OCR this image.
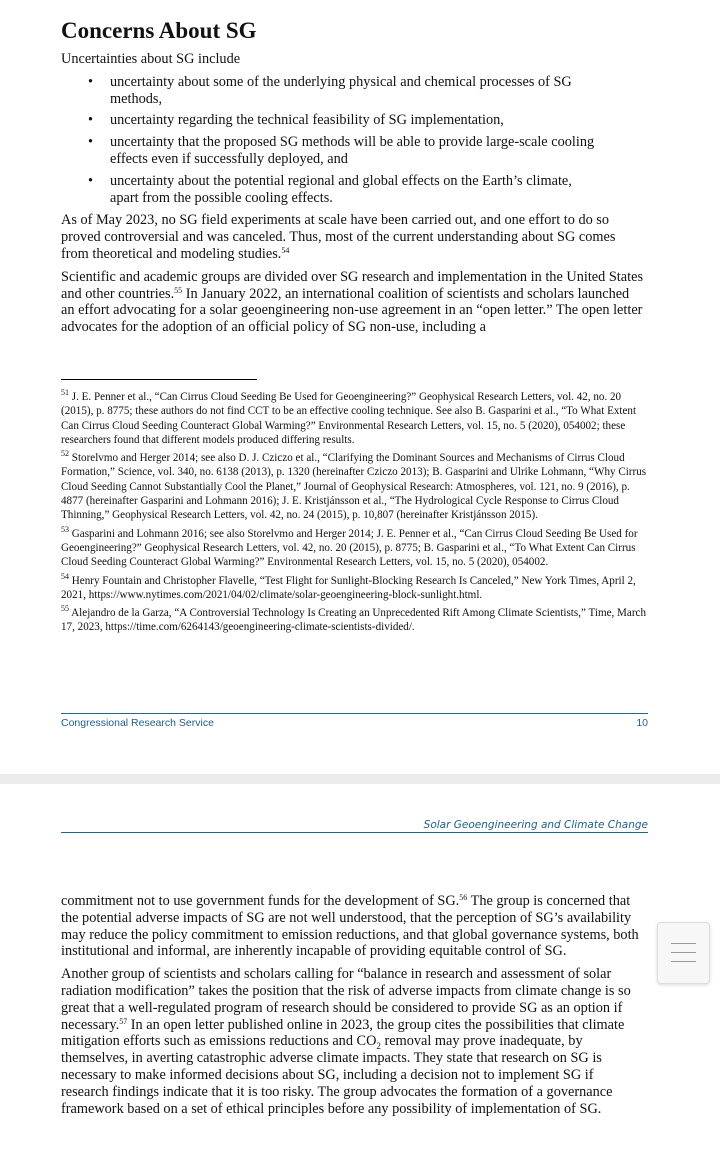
Concerns About SG

Uncertainties about SG include

• uncertainty about some of the underlying physical and chemical processes of SG methods,
• uncertainty regarding the technical feasibility of SG implementation,
• uncertainty that the proposed SG methods will be able to provide large-scale cooling effects even if successfully deployed, and
• uncertainty about the potential regional and global effects on the Earth’s climate, apart from the possible cooling effects.

As of May 2023, no SG field experiments at scale have been carried out, and one effort to do so proved controversial and was canceled. Thus, most of the current understanding about SG comes from theoretical and modeling studies.$^{54}$

Scientific and academic groups are divided over SG research and implementation in the United States and other countries.$^{55}$ In January 2022, an international coalition of scientists and scholars launched an effort advocating for a solar geoengineering non-use agreement in an “open letter.” The open letter advocates for the adoption of an official policy of SG non-use, including a

$^{51}$ J. E. Penner et al., “Can Cirrus Cloud Seeding Be Used for Geoengineering?” Geophysical Research Letters, vol. 42, no. 20 (2015), p. 8775; these authors do not find CCT to be an effective cooling technique. See also B. Gasparini et al., “To What Extent Can Cirrus Cloud Seeding Counteract Global Warming?” Environmental Research Letters, vol. 15, no. 5 (2020), 054002; these researchers found that different models produced differing results.

$^{52}$ Storelvmo and Herger 2014; see also D. J. Cziczo et al., “Clarifying the Dominant Sources and Mechanisms of Cirrus Cloud Formation,” Science, vol. 340, no. 6138 (2013), p. 1320 (hereinafter Cziczo 2013); B. Gasparini and Ulrike Lohmann, “Why Cirrus Cloud Seeding Cannot Substantially Cool the Planet,” Journal of Geophysical Research: Atmospheres, vol. 121, no. 9 (2016), p. 4877 (hereinafter Gasparini and Lohmann 2016); J. E. Kristjánsson et al., “The Hydrological Cycle Response to Cirrus Cloud Thinning,” Geophysical Research Letters, vol. 42, no. 24 (2015), p. 10,807 (hereinafter Kristjánsson 2015).

$^{53}$ Gasparini and Lohmann 2016; see also Storelvmo and Herger 2014; J. E. Penner et al., “Can Cirrus Cloud Seeding Be Used for Geoengineering?” Geophysical Research Letters, vol. 42, no. 20 (2015), p. 8775; B. Gasparini et al., “To What Extent Can Cirrus Cloud Seeding Counteract Global Warming?” Environmental Research Letters, vol. 15, no. 5 (2020), 054002.

$^{54}$ Henry Fountain and Christopher Flavelle, “Test Flight for Sunlight-Blocking Research Is Canceled,” New York Times, April 2, 2021, https://www.nytimes.com/2021/04/02/climate/solar-geoengineering-block-sunlight.html.

$^{55}$ Alejandro de la Garza, “A Controversial Technology Is Creating an Unprecedented Rift Among Climate Scientists,” Time, March 17, 2023, https://time.com/6264143/geoengineering-climate-scientists-divided/.

Congressional Research Service	10
Solar Geoengineering and Climate Change

commitment not to use government funds for the development of SG.$^{56}$ The group is concerned that the potential adverse impacts of SG are not well understood, that the perception of SG’s availability may reduce the policy commitment to emission reductions, and that global governance systems, both institutional and informal, are inherently incapable of providing equitable control of SG.

Another group of scientists and scholars calling for “balance in research and assessment of solar radiation modification” takes the position that the risk of adverse impacts from climate change is so great that a well-regulated program of research should be considered to provide SG as an option if necessary.$^{57}$ In an open letter published online in 2023, the group cites the possibilities that climate mitigation efforts such as emissions reductions and $CO_2$ removal may prove inadequate, by themselves, in averting catastrophic adverse climate impacts. They state that research on SG is necessary to make informed decisions about SG, including a decision not to implement SG if research findings indicate that it is too risky. The group advocates the formation of a governance framework based on a set of ethical principles before any possibility of implementation of SG.
